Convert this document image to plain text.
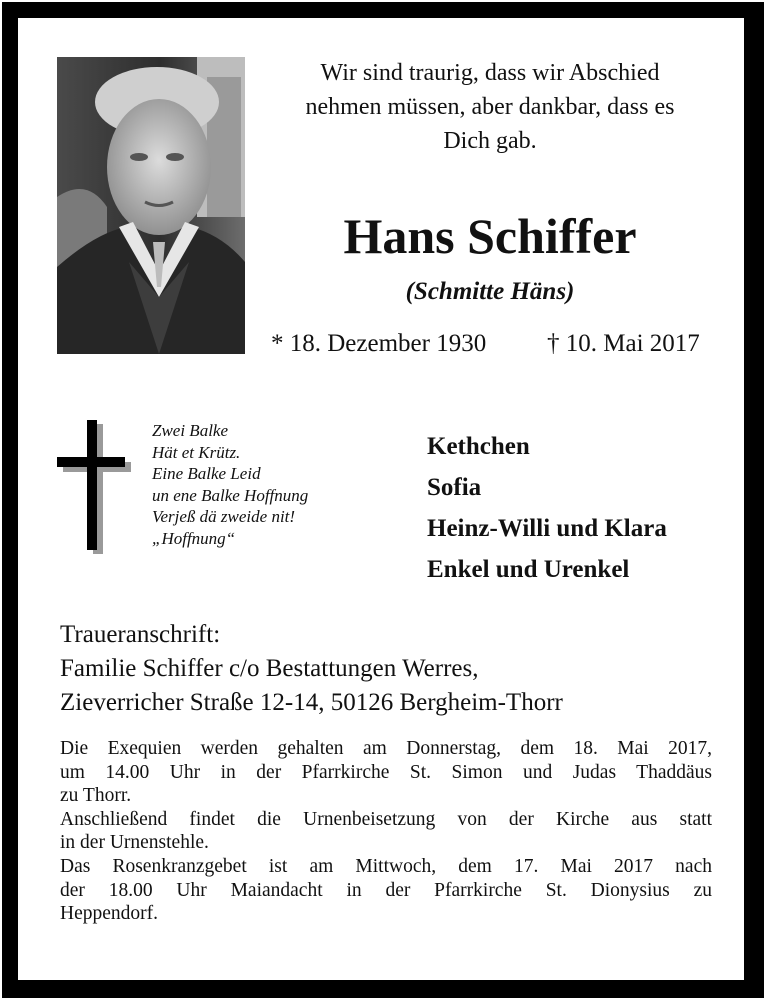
Wir sind traurig, dass wir Abschied
nehmen müssen, aber dankbar, dass es
Dich gab.
Hans Schiffer
(Schmitte Häns)
* 18. Dezember 1930 † 10. Mai 2017
Zwei Balke
Hät et Krütz.
Eine Balke Leid
un ene Balke Hoffnung
Verjeß dä zweide nit!
„Hoffnung“
Kethchen
Sofia
Heinz-Willi und Klara
Enkel und Urenkel
Traueranschrift:
Familie Schiffer c/o Bestattungen Werres,
Zieverricher Straße 12-14, 50126 Bergheim-Thorr
Die Exequien werden gehalten am Donnerstag, dem 18. Mai 2017,
um 14.00 Uhr in der Pfarrkirche St. Simon und Judas Thaddäus
zu Thorr.
Anschließend findet die Urnenbeisetzung von der Kirche aus statt
in der Urnenstehle.
Das Rosenkranzgebet ist am Mittwoch, dem 17. Mai 2017 nach
der 18.00 Uhr Maiandacht in der Pfarrkirche St. Dionysius zu
Heppendorf.
